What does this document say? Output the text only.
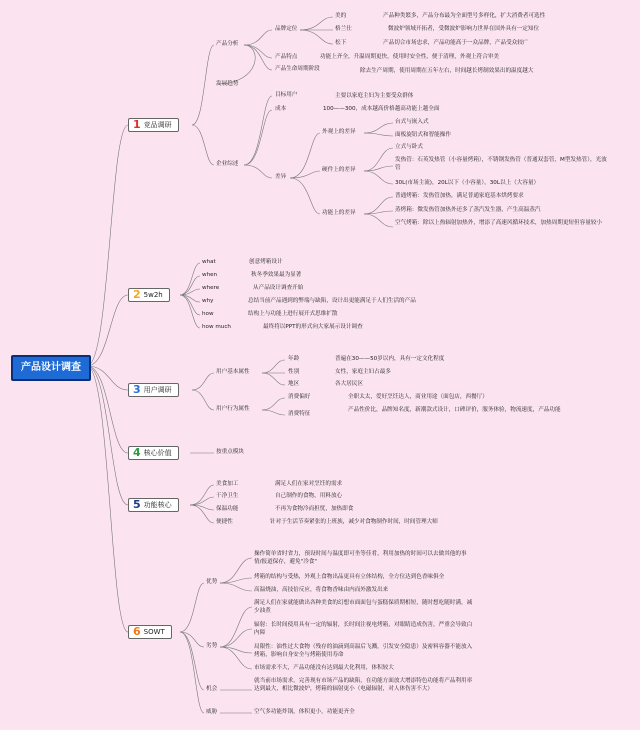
产品设计调查
1 竞品调研
产品分析
品牌定位
美的	产品种类繁多，产品分布最为全面型号多样化，扩大消费者可选性
格兰仕	微波炉领域开拓者，受微波炉影响力世界在国外具有一定知位
松下	产品切合市场忠求，产品功能高于一众品牌，产品受众较广
产品特点	功能上齐全，升温周期更快，使用时安全性，便于清理，外观上符合审美
产品生命周期阶段	除去生产周期，使用周期在五年左右，时间越长烤制效果出的温度越大
发展趋势
企业综述
目标用户	主要以家庭主妇为主要受众群体
成本	100——300，成本越高价格越高功能上越全面
差异
外观上的差异
台式与嵌入式
面板旋钮式和智能操作
硬件上的差异
立式与卧式
发热管：石英发热管（小容量烤箱），不锈钢发热管（普通双套管，M型发热管），光波管
30L(市场主流)，20L以下（小容量），30L以上（大容量）
功能上的差异
普通烤箱：发热管加热，满足普通家庭基本烘烤要求
蒸烤箱：微发热管加热外还多了蒸汽发生器，产生高温蒸汽
空气烤箱：除以上热辐射加热外，增添了高速风循环技术，加热周期更短但容量较小
2 5w2h
what	创意烤箱设计
when	秋冬季效果最为显著
where	从产品设计调查开始
why	总结当前产品遇到的弊端与缺陷，设计出更能满足于人们生活的产品
how	结构上与功能上进行展开式思维扩散
how much	最终将以PPT的形式向大家展示设计调查
3 用户调研
用户基本属性
年龄	普遍在30——50岁以内，具有一定文化程度
性别	女性，家庭主妇占最多
地区	各大居民区
用户行为属性
消费偏好	全职太太，爱好烹饪达人，商业用途（面包店，西餐厅）
消费特征
产品性价比，品牌知名度，新潮款式设计，口碑评价，服务体验，物流速度，产品功能
4 核心价值	按重点模块
5 功能核心
美食加工	满足人们在家对烹饪的需求
干净卫生	自己制作的食物，用料放心
保温功能	不再为食物冷而担忧，加热即食
便捷性	针对于生活节奏紧张的上班族，减少对食物制作时间，时间管理大师
6 SOWT
优势
操作简单省时省力，预设时间与温度即可坐等佳肴，利用加热的时间可以去做其他的事情/报道保存，避免"冷食"
烤箱的结构与受热，外观上食物出品更具有立体结构，全方位达到色香味俱全
高温烧油，高技倍反应，将食物香味由内而外激发出来
劣势
满足人们在家就能做出各种美食的幻想市面面包与蛋糕保质期相短，随时想吃随时满，减少油煮
辐射：长时间使用具有一定的辐射，长时间注视电烤箱，对眼睛造成伤害，严重会导致白内障
局限性：油性过大食物（残存的油滴到高温后飞溅，引发安全隐患）及密料容器不能放入烤箱，影响自身安全与烤箱使用寿命
市场需求不大，产品功能没有达到最大化利用，体积较大
机会
就当前市场需求，完善现有市场产品的缺陷，在功能方面放大增添特色功能将产品利用率达到最大，相比微波炉，烤箱的辐射更小（电磁辐射，对人体伤害不大）
威胁	空气多功能炸锅，体积更小，功能更齐全
